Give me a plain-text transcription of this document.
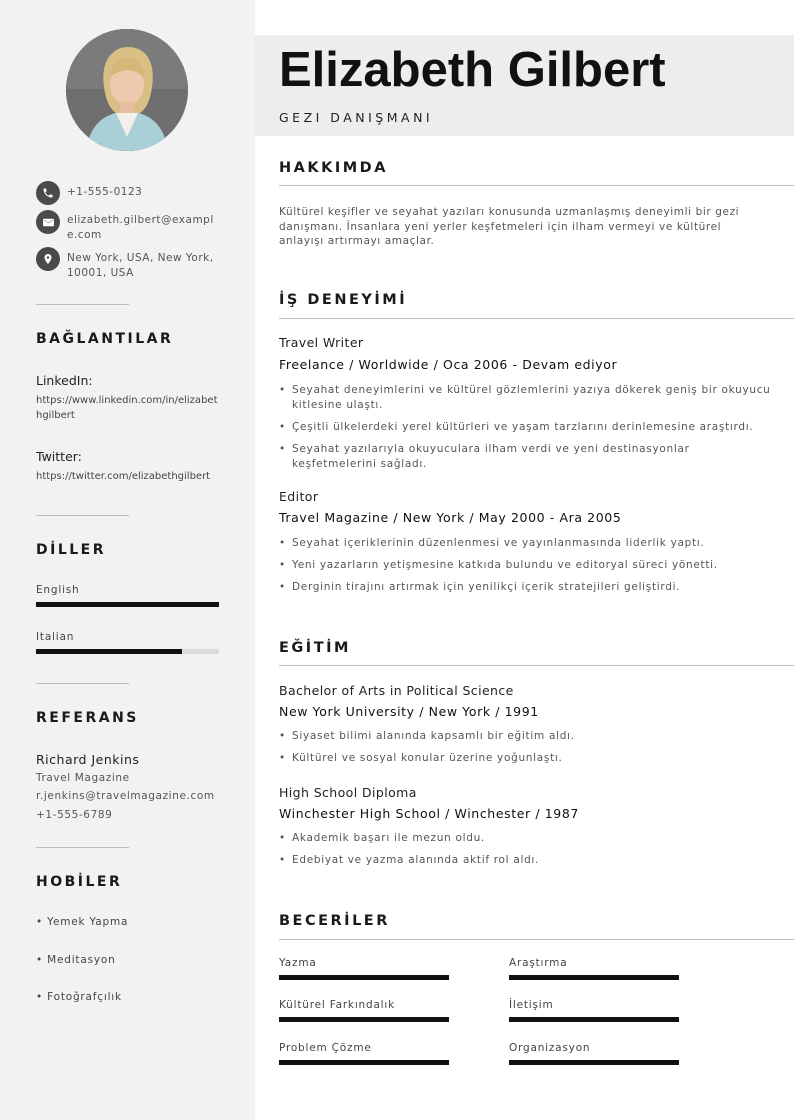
+1-555-0123
elizabeth.gilbert@example.com
New York, USA, New York, 10001, USA
BAĞLANTILAR
LinkedIn:
https://www.linkedin.com/in/elizabethgilbert
Twitter:
https://twitter.com/elizabethgilbert
DİLLER
English
Italian
REFERANS
Richard Jenkins
Travel Magazine
r.jenkins@travelmagazine.com
+1-555-6789
HOBİLER
• Yemek Yapma
• Meditasyon
• Fotoğrafçılık
Elizabeth Gilbert
GEZI DANIŞMANI
HAKKIMDA
Kültürel keşifler ve seyahat yazıları konusunda uzmanlaşmış deneyimli bir gezi danışmanı. İnsanlara yeni yerler keşfetmeleri için ilham vermeyi ve kültürel anlayışı artırmayı amaçlar.
İŞ DENEYİMİ
Travel Writer
Freelance / Worldwide / Oca 2006 - Devam ediyor
• Seyahat deneyimlerini ve kültürel gözlemlerini yazıya dökerek geniş bir okuyucu kitlesine ulaştı.
• Çeşitli ülkelerdeki yerel kültürleri ve yaşam tarzlarını derinlemesine araştırdı.
• Seyahat yazılarıyla okuyuculara ilham verdi ve yeni destinasyonlar keşfetmelerini sağladı.
Editor
Travel Magazine / New York / May 2000 - Ara 2005
• Seyahat içeriklerinin düzenlenmesi ve yayınlanmasında liderlik yaptı.
• Yeni yazarların yetişmesine katkıda bulundu ve editoryal süreci yönetti.
• Derginin tirajını artırmak için yenilikçi içerik stratejileri geliştirdi.
EĞİTİM
Bachelor of Arts in Political Science
New York University / New York / 1991
• Siyaset bilimi alanında kapsamlı bir eğitim aldı.
• Kültürel ve sosyal konular üzerine yoğunlaştı.
High School Diploma
Winchester High School / Winchester / 1987
• Akademik başarı ile mezun oldu.
• Edebiyat ve yazma alanında aktif rol aldı.
BECERİLER
Yazma	Araştırma
Kültürel Farkındalık	İletişim
Problem Çözme	Organizasyon
